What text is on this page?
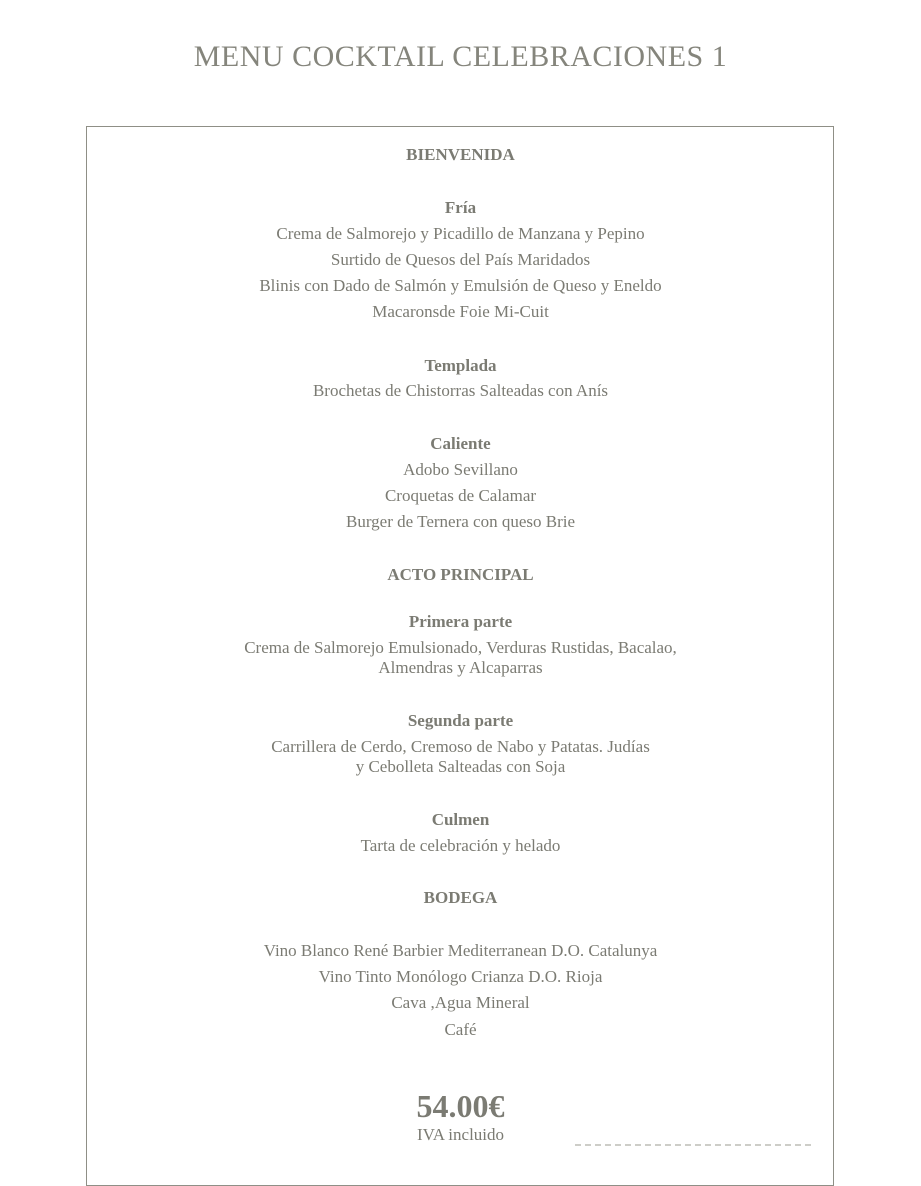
MENU COCKTAIL CELEBRACIONES 1
BIENVENIDA
Fría
Crema de Salmorejo y Picadillo de Manzana y Pepino
Surtido de Quesos del País Maridados
Blinis con Dado de Salmón y Emulsión de Queso y Eneldo
Macaronsde Foie Mi-Cuit
Templada
Brochetas de Chistorras Salteadas con Anís
Caliente
Adobo Sevillano
Croquetas de Calamar
Burger de Ternera con queso Brie
ACTO PRINCIPAL
Primera parte
Crema de Salmorejo Emulsionado, Verduras Rustidas, Bacalao,
Almendras y Alcaparras
Segunda parte
Carrillera de Cerdo, Cremoso de Nabo y Patatas. Judías
y Cebolleta Salteadas con Soja
Culmen
Tarta de celebración y helado
BODEGA
Vino Blanco René Barbier Mediterranean D.O. Catalunya
Vino Tinto Monólogo Crianza D.O. Rioja
Cava ,Agua Mineral
Café
54.00€
IVA incluido
